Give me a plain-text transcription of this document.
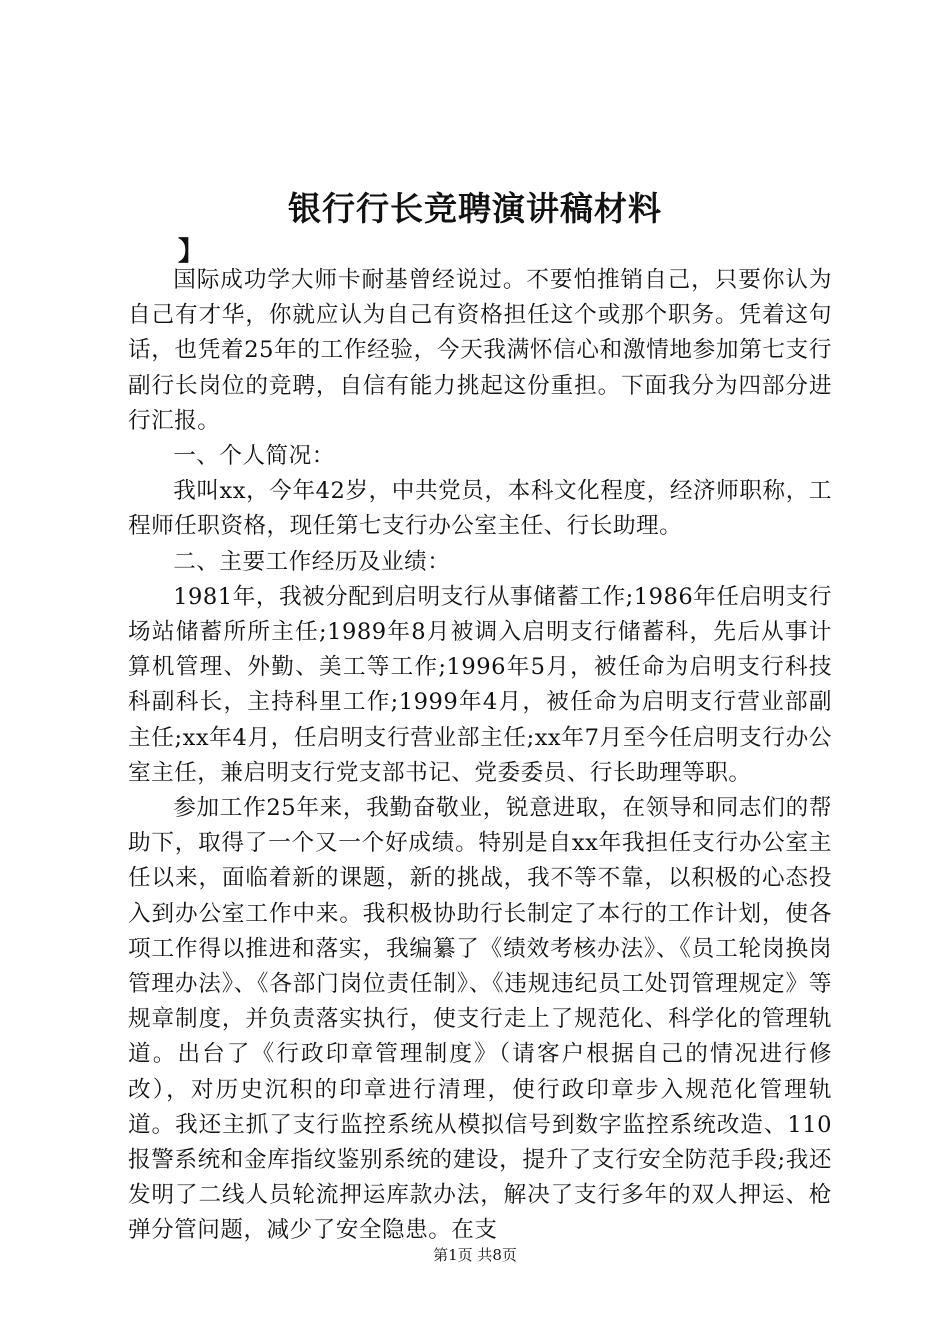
银行行长竞聘演讲稿材料
】

国际成功学大师卡耐基曾经说过。不要怕推销自己，只要你认为自己有才华，你就应认为自己有资格担任这个或那个职务。凭着这句话，也凭着25年的工作经验，今天我满怀信心和激情地参加第七支行副行长岗位的竞聘，自信有能力挑起这份重担。下面我分为四部分进行汇报。

一、个人简况：

我叫xx，今年42岁，中共党员，本科文化程度，经济师职称，工程师任职资格，现任第七支行办公室主任、行长助理。

二、主要工作经历及业绩：

1981年，我被分配到启明支行从事储蓄工作;1986年任启明支行场站储蓄所所主任;1989年8月被调入启明支行储蓄科，先后从事计算机管理、外勤、美工等工作;1996年5月，被任命为启明支行科技科副科长，主持科里工作;1999年4月，被任命为启明支行营业部副主任;xx年4月，任启明支行营业部主任;xx年7月至今任启明支行办公室主任，兼启明支行党支部书记、党委委员、行长助理等职。

参加工作25年来，我勤奋敬业，锐意进取，在领导和同志们的帮助下，取得了一个又一个好成绩。特别是自xx年我担任支行办公室主任以来，面临着新的课题，新的挑战，我不等不靠，以积极的心态投入到办公室工作中来。我积极协助行长制定了本行的工作计划，使各项工作得以推进和落实，我编纂了《绩效考核办法》、《员工轮岗换岗管理办法》、《各部门岗位责任制》、《违规违纪员工处罚管理规定》等规章制度，并负责落实执行，使支行走上了规范化、科学化的管理轨道。出台了《行政印章管理制度》（请客户根据自己的情况进行修改），对历史沉积的印章进行清理，使行政印章步入规范化管理轨道。我还主抓了支行监控系统从模拟信号到数字监控系统改造、110报警系统和金库指纹鉴别系统的建设，提升了支行安全防范手段;我还发明了二线人员轮流押运库款办法，解决了支行多年的双人押运、枪弹分管问题，减少了安全隐患。在支

第1页 共8页
